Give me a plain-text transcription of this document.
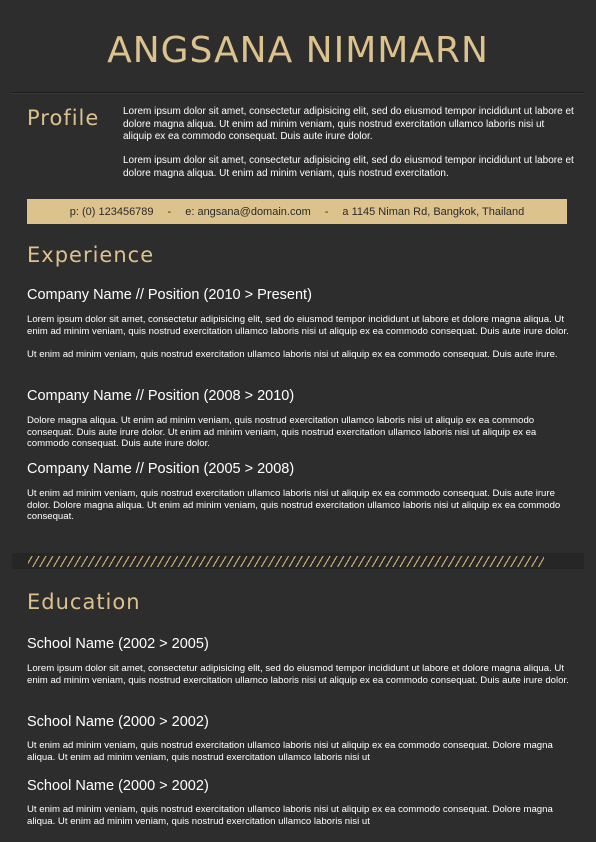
ANGSANA NIMMARN
Profile Lorem ipsum dolor sit amet, consectetur adipisicing elit, sed do eiusmod tempor incididunt ut labore et dolore magna aliqua. Ut enim ad minim veniam, quis nostrud exercitation ullamco laboris nisi ut aliquip ex ea commodo consequat. Duis aute irure dolor.
Lorem ipsum dolor sit amet, consectetur adipisicing elit, sed do eiusmod tempor incididunt ut labore et dolore magna aliqua. Ut enim ad minim veniam, quis nostrud exercitation.
p: (0) 123456789 - e: angsana@domain.com - a 1145 Niman Rd, Bangkok, Thailand
Experience
Company Name // Position (2010 > Present)
Lorem ipsum dolor sit amet, consectetur adipisicing elit, sed do eiusmod tempor incididunt ut labore et dolore magna aliqua. Ut enim ad minim veniam, quis nostrud exercitation ullamco laboris nisi ut aliquip ex ea commodo consequat. Duis aute irure dolor.
Ut enim ad minim veniam, quis nostrud exercitation ullamco laboris nisi ut aliquip ex ea commodo consequat. Duis aute irure.
Company Name // Position (2008 > 2010)
Dolore magna aliqua. Ut enim ad minim veniam, quis nostrud exercitation ullamco laboris nisi ut aliquip ex ea commodo consequat. Duis aute irure dolor. Ut enim ad minim veniam, quis nostrud exercitation ullamco laboris nisi ut aliquip ex ea commodo consequat. Duis aute irure dolor.
Company Name // Position (2005 > 2008)
Ut enim ad minim veniam, quis nostrud exercitation ullamco laboris nisi ut aliquip ex ea commodo consequat. Duis aute irure dolor. Dolore magna aliqua. Ut enim ad minim veniam, quis nostrud exercitation ullamco laboris nisi ut aliquip ex ea commodo consequat.
Education
School Name (2002 > 2005)
Lorem ipsum dolor sit amet, consectetur adipisicing elit, sed do eiusmod tempor incididunt ut labore et dolore magna aliqua. Ut enim ad minim veniam, quis nostrud exercitation ullamco laboris nisi ut aliquip ex ea commodo consequat. Duis aute irure dolor.
School Name (2000 > 2002)
Ut enim ad minim veniam, quis nostrud exercitation ullamco laboris nisi ut aliquip ex ea commodo consequat. Dolore magna aliqua. Ut enim ad minim veniam, quis nostrud exercitation ullamco laboris nisi ut
School Name (2000 > 2002)
Ut enim ad minim veniam, quis nostrud exercitation ullamco laboris nisi ut aliquip ex ea commodo consequat. Dolore magna aliqua. Ut enim ad minim veniam, quis nostrud exercitation ullamco laboris nisi ut
